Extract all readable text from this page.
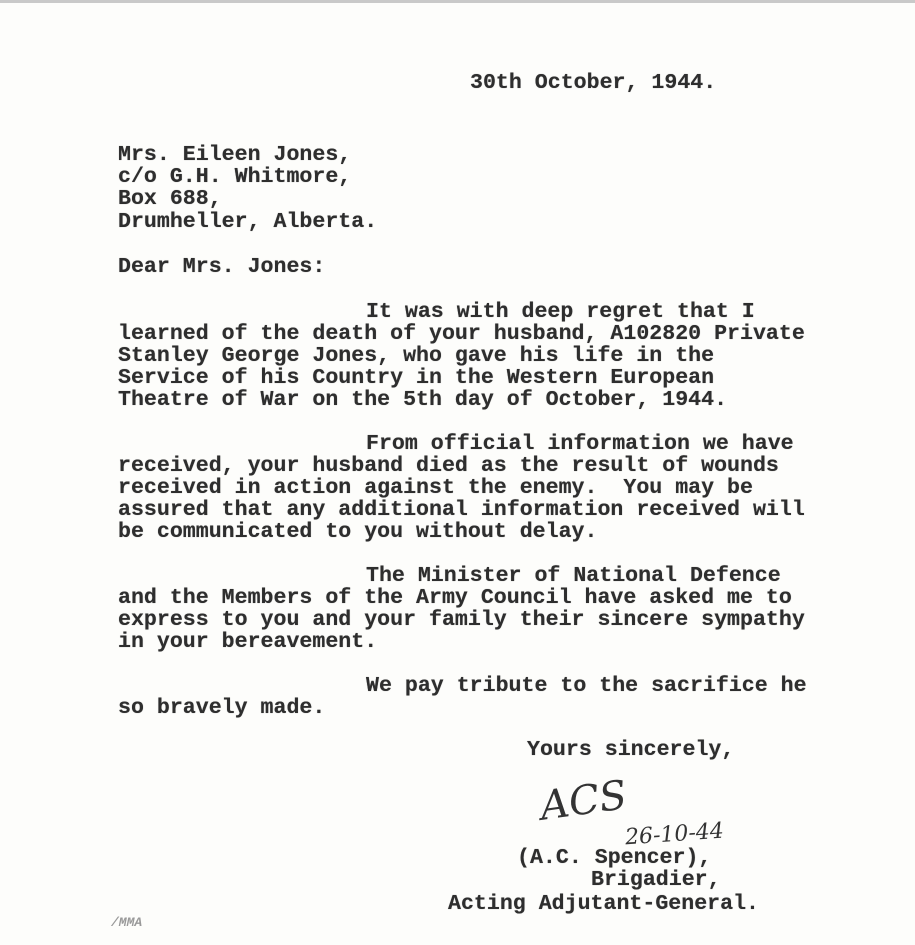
30th October, 1944.
Mrs. Eileen Jones,
c/o G.H. Whitmore,
Box 688,
Drumheller, Alberta.
Dear Mrs. Jones:
It was with deep regret that I
learned of the death of your husband, A102820 Private
Stanley George Jones, who gave his life in the
Service of his Country in the Western European
Theatre of War on the 5th day of October, 1944.
From official information we have
received, your husband died as the result of wounds
received in action against the enemy.  You may be
assured that any additional information received will
be communicated to you without delay.
The Minister of National Defence
and the Members of the Army Council have asked me to
express to you and your family their sincere sympathy
in your bereavement.
We pay tribute to the sacrifice he
so bravely made.
Yours sincerely,
ACS
26-10-44
(A.C. Spencer),
Brigadier,
Acting Adjutant-General.
/MMA
